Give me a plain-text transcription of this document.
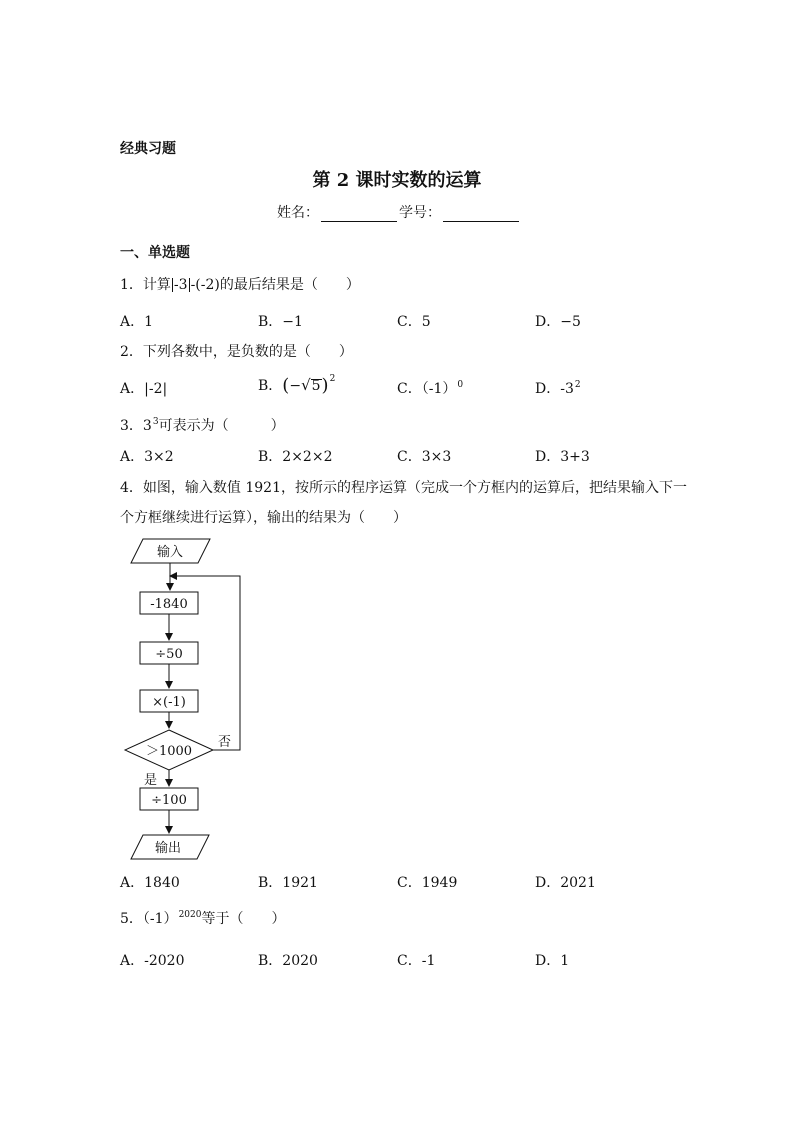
经典习题
第 2 课时实数的运算
姓名：	学号：
一、单选题
1．计算 -3 -(-2)的最后结果是（　　）
A．1	B．−1	C．5	D．−5
2．下列各数中，是负数的是（　　）
A．|-2|	B．$(-√5)^2$
C．$(-1)^0$	D．$-3^2$
3．$3^3$可表示为（　　　）
A．3×2	B．2×2×2	C．3×3	D．3+3
4．如图，输入数值 1921，按所示的程序运算（完成一个方框内的运算后，把结果输入下一
个方框继续进行运算），输出的结果为（　　）
输入
-1840
÷50
×(-1)
＞1000
否
是
÷100
输出
A．1840	B．1921	C．1949	D．2021
5．$(-1)^{2020}$等于（　　）
A．-2020	B．2020	C．-1	D．1
